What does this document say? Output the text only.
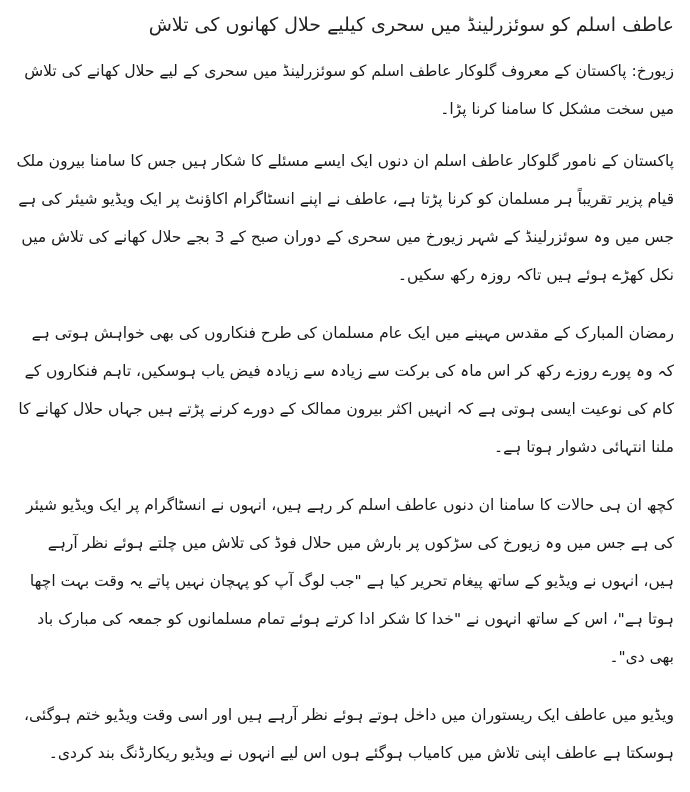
عاطف اسلم کو سوئزرلینڈ میں سحری کیلیے حلال کھانوں کی تلاش

زیورخ: پاکستان کے معروف گلوکار عاطف اسلم کو سوئزرلینڈ میں سحری کے لیے حلال کھانے کی تلاش میں سخت مشکل کا سامنا کرنا پڑا۔

پاکستان کے نامور گلوکار عاطف اسلم ان دنوں ایک ایسے مسئلے کا شکار ہیں جس کا سامنا بیرون ملک قیام پزیر تقریباً ہر مسلمان کو کرنا پڑتا ہے، عاطف نے اپنے انسٹاگرام اکاؤنٹ پر ایک ویڈیو شیئر کی ہے جس میں وہ سوئزرلینڈ کے شہر زیورخ میں سحری کے دوران صبح کے 3 بجے حلال کھانے کی تلاش میں نکل کھڑے ہوئے ہیں تاکہ روزہ رکھ سکیں۔

رمضان المبارک کے مقدس مہینے میں ایک عام مسلمان کی طرح فنکاروں کی بھی خواہش ہوتی ہے کہ وہ پورے روزے رکھ کر اس ماہ کی برکت سے زیادہ سے زیادہ فیض یاب ہوسکیں، تاہم فنکاروں کے کام کی نوعیت ایسی ہوتی ہے کہ انہیں اکثر بیرون ممالک کے دورے کرنے پڑتے ہیں جہاں حلال کھانے کا ملنا انتہائی دشوار ہوتا ہے۔

کچھ ان ہی حالات کا سامنا ان دنوں عاطف اسلم کر رہے ہیں، انہوں نے انسٹاگرام پر ایک ویڈیو شیئر کی ہے جس میں وہ زیورخ کی سڑکوں پر بارش میں حلال فوڈ کی تلاش میں چلتے ہوئے نظر آرہے ہیں، انہوں نے ویڈیو کے ساتھ پیغام تحریر کیا ہے "جب لوگ آپ کو پہچان نہیں پاتے یہ وقت بہت اچھا ہوتا ہے"، اس کے ساتھ انہوں نے "خدا کا شکر ادا کرتے ہوئے تمام مسلمانوں کو جمعہ کی مبارک باد بھی دی"۔

ویڈیو میں عاطف ایک ریستوران میں داخل ہوتے ہوئے نظر آرہے ہیں اور اسی وقت ویڈیو ختم ہوگئی، ہوسکتا ہے عاطف اپنی تلاش میں کامیاب ہوگئے ہوں اس لیے انہوں نے ویڈیو ریکارڈنگ بند کردی۔
